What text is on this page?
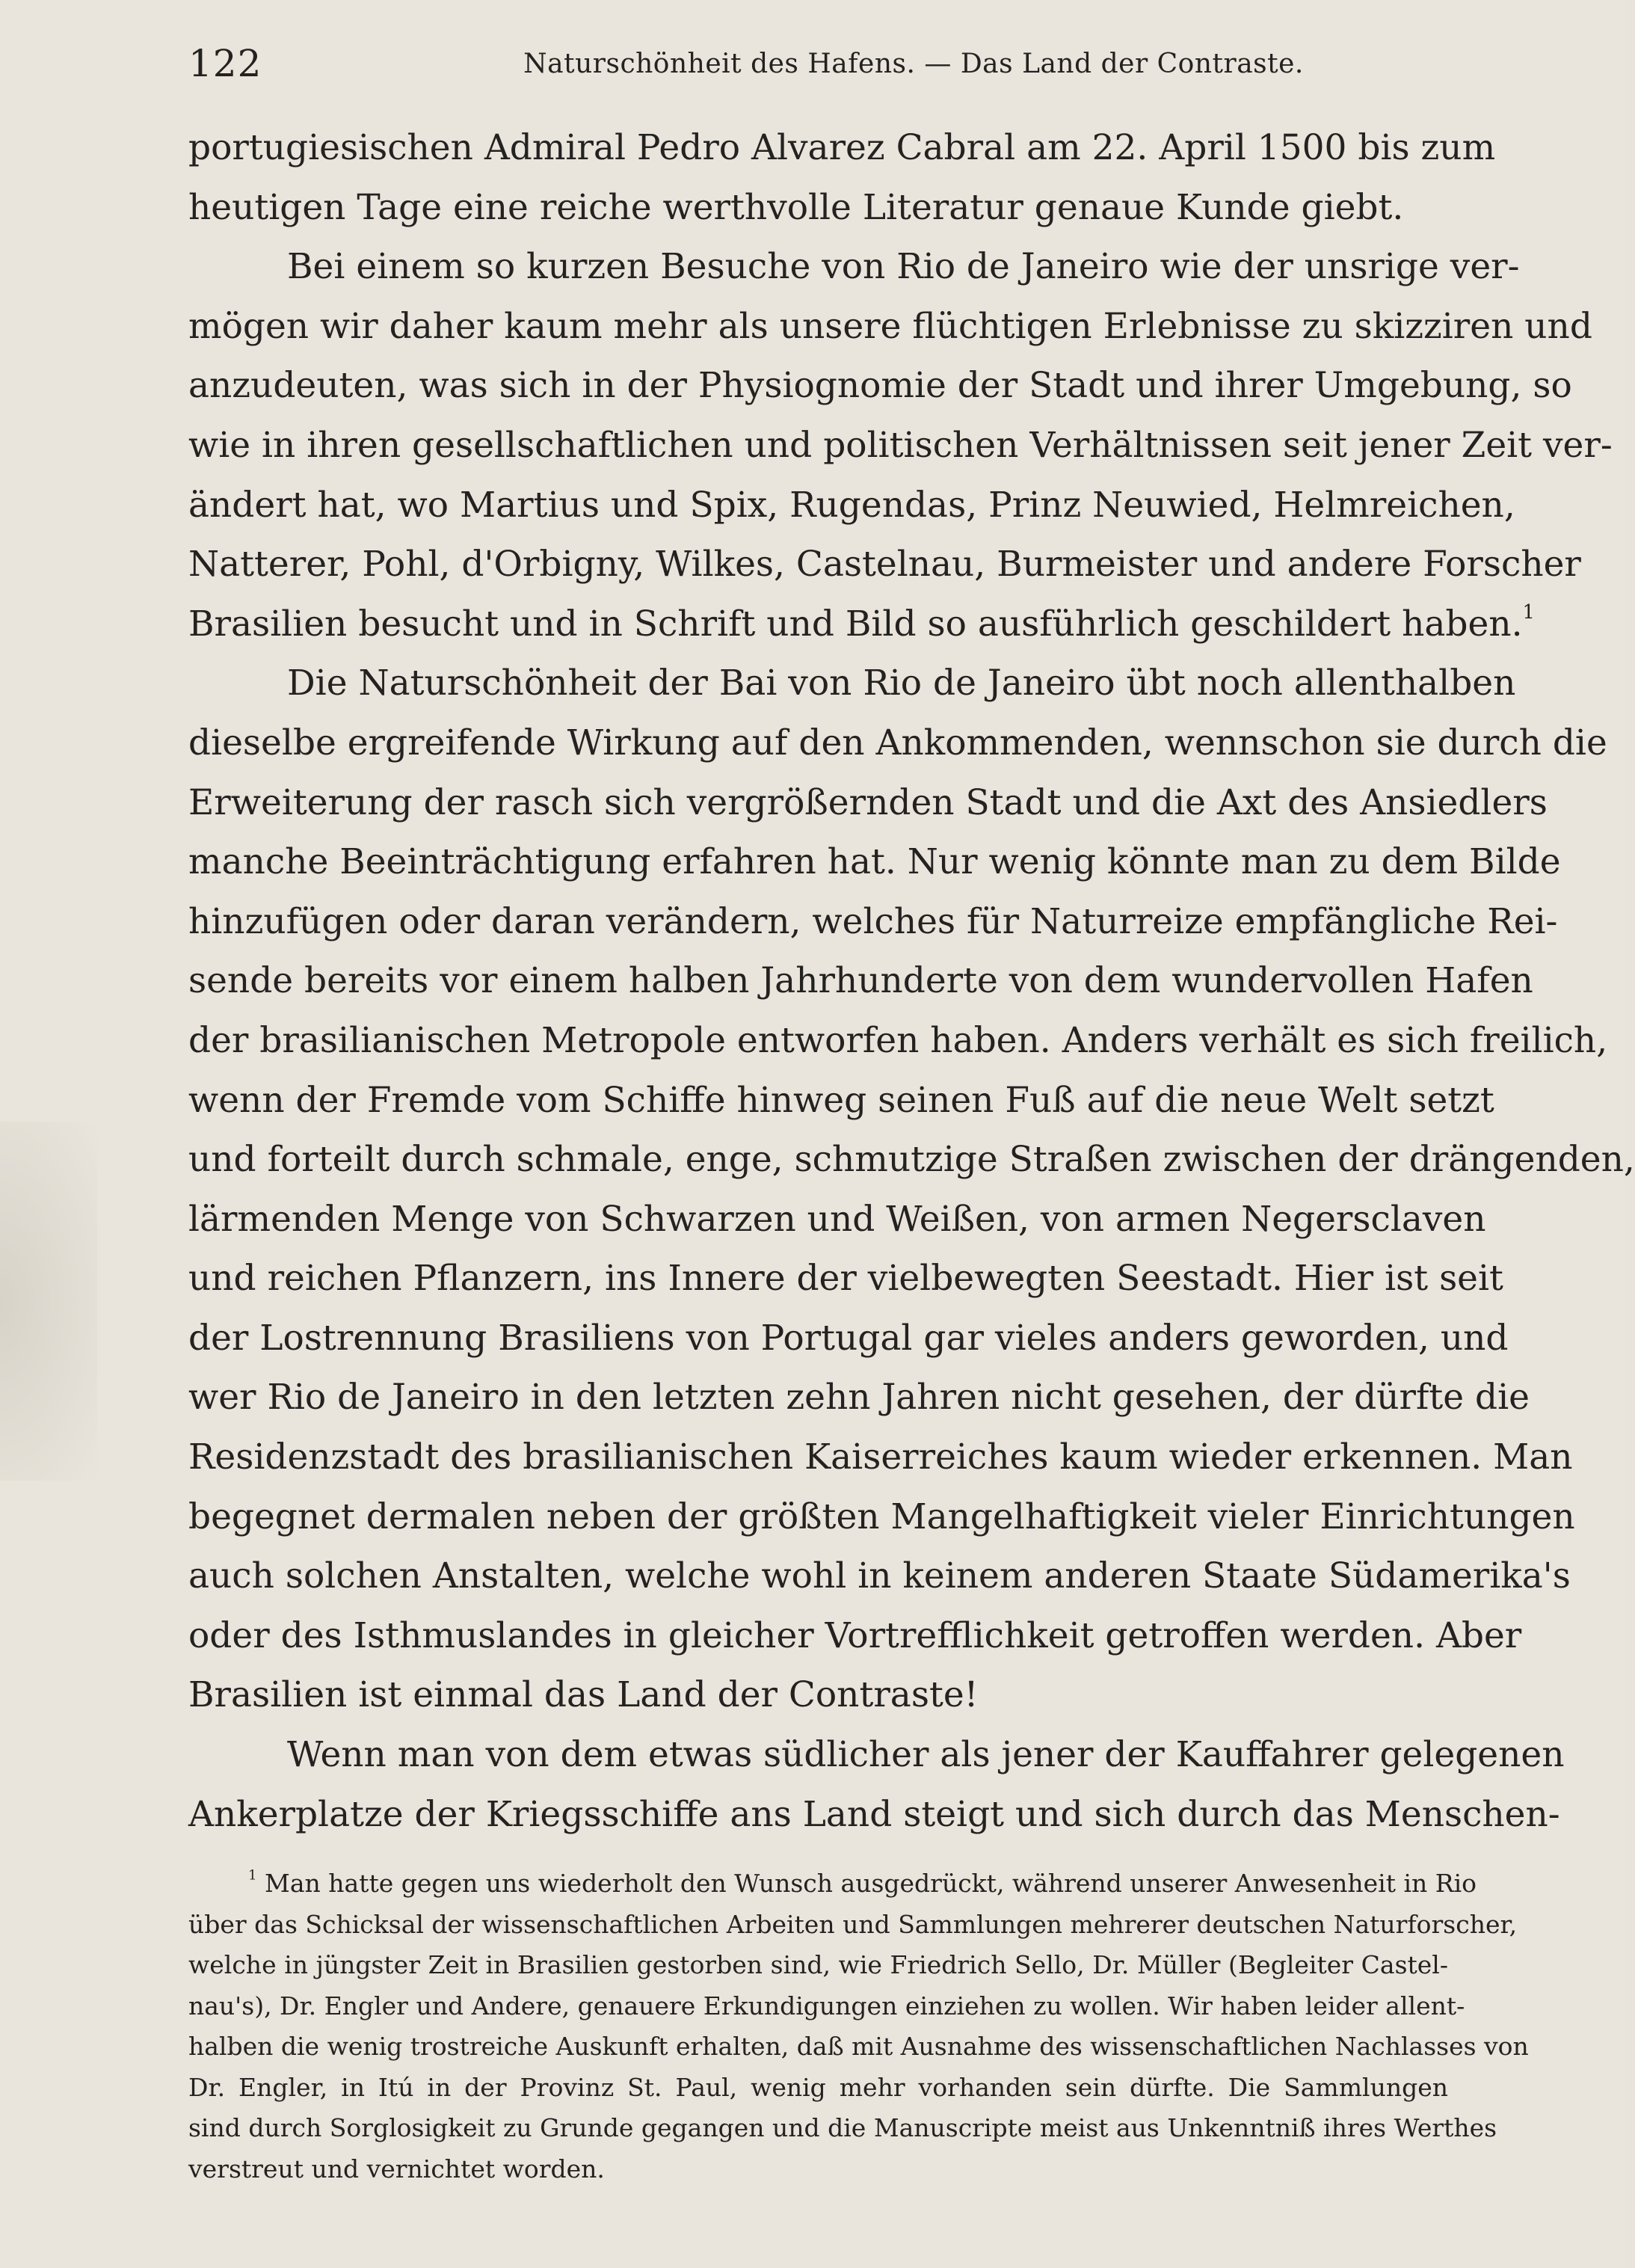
122	Naturschönheit des Hafens. — Das Land der Contraste.
portugiesischen Admiral Pedro Alvarez Cabral am 22. April 1500 bis zum
heutigen Tage eine reiche werthvolle Literatur genaue Kunde giebt.
Bei einem so kurzen Besuche von Rio de Janeiro wie der unsrige ver-
mögen wir daher kaum mehr als unsere flüchtigen Erlebnisse zu skizziren und
anzudeuten, was sich in der Physiognomie der Stadt und ihrer Umgebung, so
wie in ihren gesellschaftlichen und politischen Verhältnissen seit jener Zeit ver-
ändert hat, wo Martius und Spix, Rugendas, Prinz Neuwied, Helmreichen,
Natterer, Pohl, d'Orbigny, Wilkes, Castelnau, Burmeister und andere Forscher
Brasilien besucht und in Schrift und Bild so ausführlich geschildert haben.$^1$
Die Naturschönheit der Bai von Rio de Janeiro übt noch allenthalben
dieselbe ergreifende Wirkung auf den Ankommenden, wennschon sie durch die
Erweiterung der rasch sich vergrößernden Stadt und die Axt des Ansiedlers
manche Beeinträchtigung erfahren hat. Nur wenig könnte man zu dem Bilde
hinzufügen oder daran verändern, welches für Naturreize empfängliche Rei-
sende bereits vor einem halben Jahrhunderte von dem wundervollen Hafen
der brasilianischen Metropole entworfen haben. Anders verhält es sich freilich,
wenn der Fremde vom Schiffe hinweg seinen Fuß auf die neue Welt setzt
und forteilt durch schmale, enge, schmutzige Straßen zwischen der drängenden,
lärmenden Menge von Schwarzen und Weißen, von armen Negersclaven
und reichen Pflanzern, ins Innere der vielbewegten Seestadt. Hier ist seit
der Lostrennung Brasiliens von Portugal gar vieles anders geworden, und
wer Rio de Janeiro in den letzten zehn Jahren nicht gesehen, der dürfte die
Residenzstadt des brasilianischen Kaiserreiches kaum wieder erkennen. Man
begegnet dermalen neben der größten Mangelhaftigkeit vieler Einrichtungen
auch solchen Anstalten, welche wohl in keinem anderen Staate Südamerika's
oder des Isthmuslandes in gleicher Vortrefflichkeit getroffen werden. Aber
Brasilien ist einmal das Land der Contraste!
Wenn man von dem etwas südlicher als jener der Kauffahrer gelegenen
Ankerplatze der Kriegsschiffe ans Land steigt und sich durch das Menschen-
$^1$ Man hatte gegen uns wiederholt den Wunsch ausgedrückt, während unserer Anwesenheit in Rio
über das Schicksal der wissenschaftlichen Arbeiten und Sammlungen mehrerer deutschen Naturforscher,
welche in jüngster Zeit in Brasilien gestorben sind, wie Friedrich Sello, Dr. Müller (Begleiter Castel-
nau's), Dr. Engler und Andere, genauere Erkundigungen einziehen zu wollen. Wir haben leider allent-
halben die wenig trostreiche Auskunft erhalten, daß mit Ausnahme des wissenschaftlichen Nachlasses von
Dr. Engler, in Itú in der Provinz St. Paul, wenig mehr vorhanden sein dürfte. Die Sammlungen
sind durch Sorglosigkeit zu Grunde gegangen und die Manuscripte meist aus Unkenntniß ihres Werthes
verstreut und vernichtet worden.
